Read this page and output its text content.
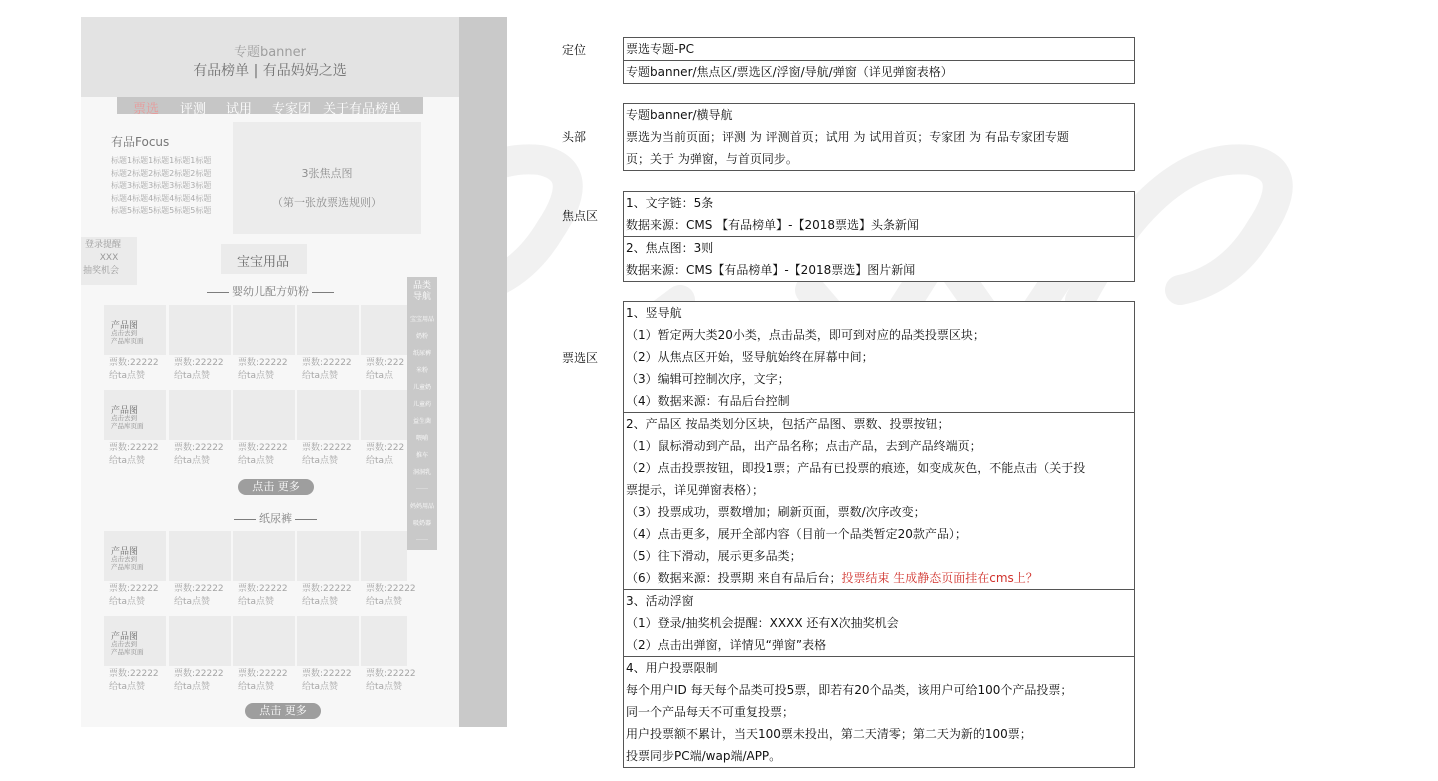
专题banner
有品榜单 | 有品妈妈之选
票选 评测 试用 专家团 关于有品榜单
有品Focus
标题1标题1标题1标题1标题
标题2标题2标题2标题2标题
标题3标题3标题3标题3标题
标题4标题4标题4标题4标题
标题5标题5标题5标题5标题
3张焦点图
（第一张放票选规则）
登录提醒
XXX
抽奖机会
宝宝用品
婴幼儿配方奶粉	品类
导航
宝宝用品
奶粉
纸尿裤
米粉
儿童奶
儿童药
益生菌
喂哺
推车
洞洞乳
……
妈妈用品
吸奶器
……
产品图
点击去到
产品库页面
票数:22222
给ta点赞
票数:22222
给ta点赞
票数:22222
给ta点赞
票数:22222
给ta点赞
票数:222
给ta点
产品图
点击去到
产品库页面
票数:22222
给ta点赞
票数:22222
给ta点赞
票数:22222
给ta点赞
票数:22222
给ta点赞
票数:222
给ta点
点击 更多
纸尿裤
产品图
点击去到
产品库页面
票数:22222
给ta点赞
票数:22222
给ta点赞
票数:22222
给ta点赞
票数:22222
给ta点赞
票数:22222
给ta点赞
产品图
点击去到
产品库页面
票数:22222
给ta点赞
票数:22222
给ta点赞
票数:22222
给ta点赞
票数:22222
给ta点赞
票数:22222
给ta点赞
点击 更多
定位	票选专题-PC
专题banner/焦点区/票选区/浮窗/导航/弹窗（详见弹窗表格）
头部
专题banner/横导航
票选为当前页面；评测 为 评测首页；试用 为 试用首页；专家团 为 有品专家团专题
页；关于 为弹窗，与首页同步。
焦点区
1、文字链：5条
数据来源：CMS 【有品榜单】-【2018票选】头条新闻
2、焦点图：3则
数据来源：CMS【有品榜单】-【2018票选】图片新闻
票选区
1、竖导航
（1）暂定两大类20小类，点击品类，即可到对应的品类投票区块；
（2）从焦点区开始，竖导航始终在屏幕中间；
（3）编辑可控制次序，文字；
（4）数据来源：有品后台控制
2、产品区 按品类划分区块，包括产品图、票数、投票按钮；
（1）鼠标滑动到产品，出产品名称；点击产品，去到产品终端页；
（2）点击投票按钮，即投1票；产品有已投票的痕迹，如变成灰色，不能点击（关于投
票提示，详见弹窗表格）；
（3）投票成功，票数增加；刷新页面，票数/次序改变；
（4）点击更多，展开全部内容（目前一个品类暂定20款产品）；
（5）往下滑动，展示更多品类；
（6）数据来源：投票期 来自有品后台；投票结束 生成静态页面挂在cms上？
3、活动浮窗
（1）登录/抽奖机会提醒：XXXX 还有X次抽奖机会
（2）点击出弹窗，详情见“弹窗”表格
4、用户投票限制
每个用户ID 每天每个品类可投5票，即若有20个品类，该用户可给100个产品投票；
同一个产品每天不可重复投票；
用户投票额不累计，当天100票未投出，第二天清零；第二天为新的100票；
投票同步PC端/wap端/APP。
